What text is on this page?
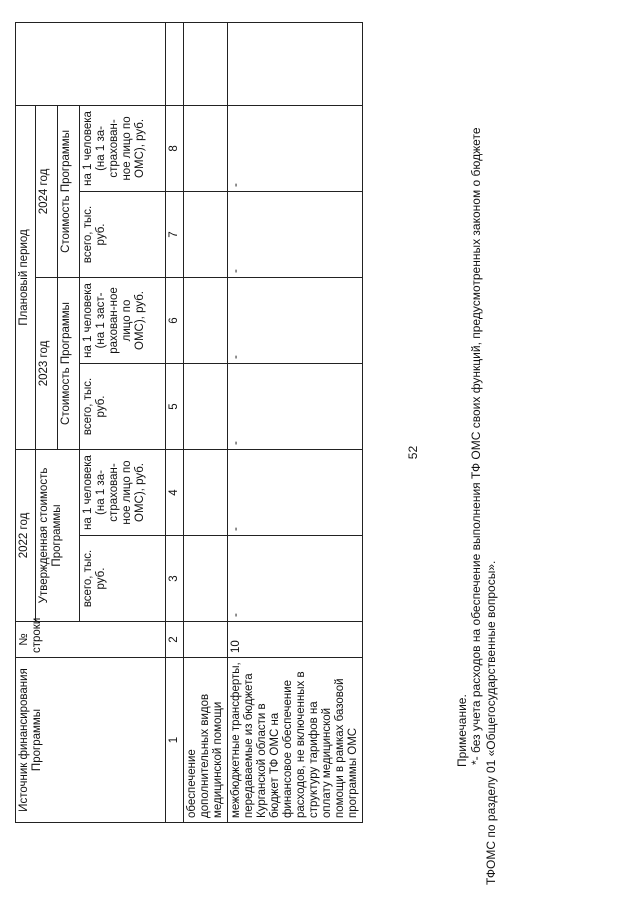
52
Источник финансирования Программы	№ строки	2022 год		Плановый период				
		Утвержденная стоимость Программы		2023 год		2024 год		
				Стоимость Программы		Стоимость Программы		
		всего, тыс. руб.	на 1 человека (на 1 за-страхован-ное лицо по ОМС), руб.	всего, тыс. руб.	на 1 человека (на 1 заст-рахован-ное лицо по ОМС), руб.	всего, тыс. руб.	на 1 человека (на 1 за-страхован-ное лицо по ОМС), руб.	
1	2	3	4	5	6	7	8	
обеспечение дополнительных видов медицинской помощи								
межбюджетные трансферты, передаваемые из бюджета Курганской области в бюджет ТФ ОМС на финансовое обеспечение расходов, не включенных в структуру тарифов на оплату медицинской помощи в рамках базовой программы ОМС	10	-	-	-	-	-	-	
Примечание. *- без учета расходов на обеспечение выполнения ТФ ОМС своих функций, предусмотренных законом о бюджете ТФОМС по разделу 01 «Общегосударственные вопросы».
